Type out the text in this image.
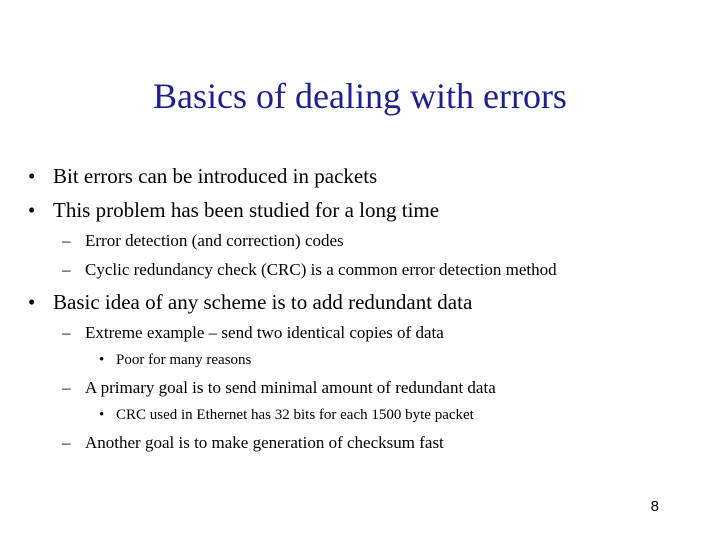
Basics of dealing with errors
• Bit errors can be introduced in packets
• This problem has been studied for a long time
– Error detection (and correction) codes
– Cyclic redundancy check (CRC) is a common error detection method
• Basic idea of any scheme is to add redundant data
– Extreme example – send two identical copies of data
• Poor for many reasons
– A primary goal is to send minimal amount of redundant data
• CRC used in Ethernet has 32 bits for each 1500 byte packet
– Another goal is to make generation of checksum fast
8
